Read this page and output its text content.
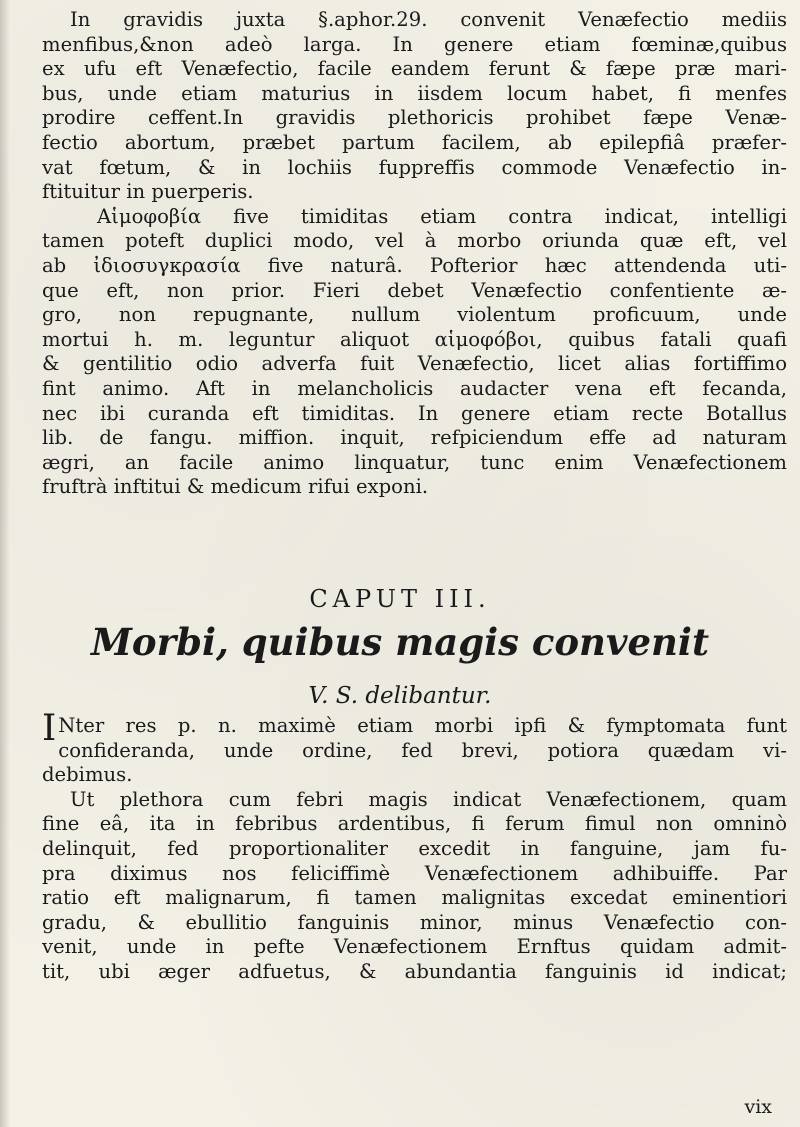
In gravidis juxta §.aphor.29. convenit Venæfectio mediis
menfibus,&non adeò larga. In genere etiam fœminæ,quibus
ex ufu eft Venæfectio, facile eandem ferunt & fæpe præ mari-
bus, unde etiam maturius in iisdem locum habet, fi menfes
prodire ceffent.In gravidis plethoricis prohibet fæpe Venæ-
fectio abortum, præbet partum facilem, ab epilepfiâ præfer-
vat fœtum, & in lochiis fuppreffis commode Venæfectio in-
ftituitur in puerperis.
Αἱμοφοβία five timiditas etiam contra indicat, intelligi
tamen poteft duplici modo, vel à morbo oriunda quæ eft, vel
ab ἰδιοσυγκρασία five naturâ. Pofterior hæc attendenda uti-
que eft, non prior. Fieri debet Venæfectio confentiente æ-
gro, non repugnante, nullum violentum proficuum, unde
mortui h. m. leguntur aliquot αἱμοφόβοι, quibus fatali quafi
& gentilitio odio adverfa fuit Venæfectio, licet alias fortiffimo
fint animo. Aft in melancholicis audacter vena eft fecanda,
nec ibi curanda eft timiditas. In genere etiam recte Botallus
lib. de fangu. miffion. inquit, refpiciendum effe ad naturam
ægri, an facile animo linquatur, tunc enim Venæfectionem
fruftrà inftitui & medicum rifui exponi.
CAPUT III.
Morbi, quibus magis convenit
V. S. delibantur.
I Nter res p. n. maximè etiam morbi ipfi & fymptomata funt
confideranda, unde ordine, fed brevi, potiora quædam vi-
debimus.
Ut plethora cum febri magis indicat Venæfectionem, quam
fine eâ, ita in febribus ardentibus, fi ferum fimul non omninò
delinquit, fed proportionaliter excedit in fanguine, jam fu-
pra diximus nos feliciffimè Venæfectionem adhibuiffe. Par
ratio eft malignarum, fi tamen malignitas excedat eminentiori
gradu, & ebullitio fanguinis minor, minus Venæfectio con-
venit, unde in pefte Venæfectionem Ernftus quidam admit-
tit, ubi æger adfuetus, & abundantia fanguinis id indicat;
vix
